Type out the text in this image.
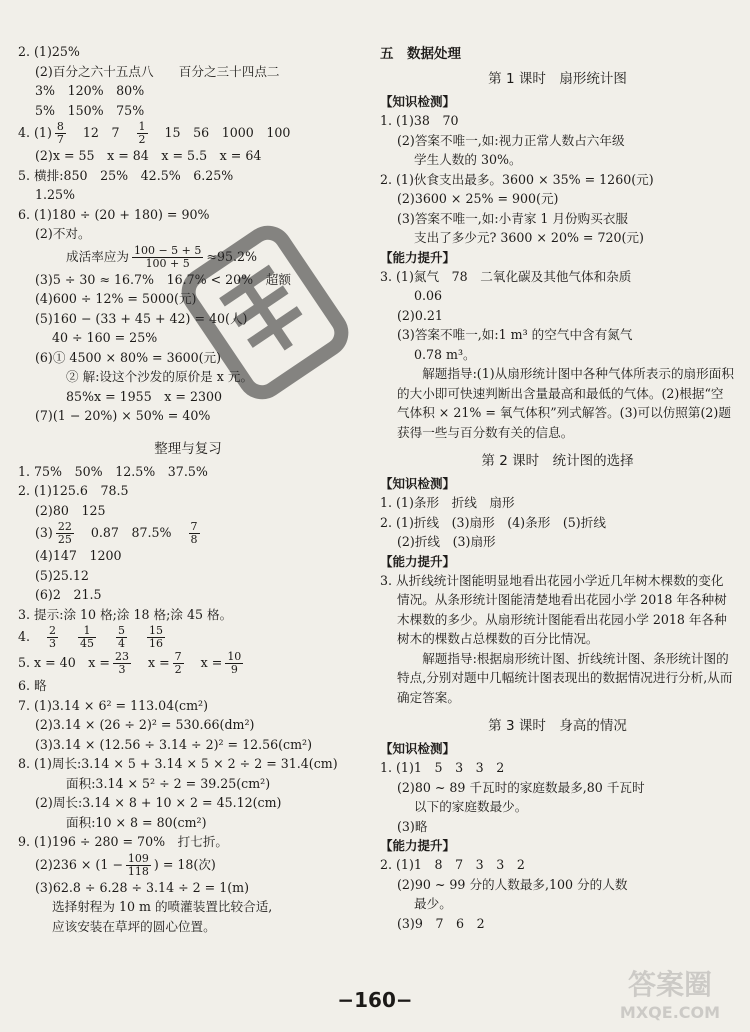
2. (1)25%
(2)百分之六十五点八　　百分之三十四点二
3%　120%　80%
5%　150%　75%
4. $(1) \frac{8}{7} 12$　$7 \frac{1}{2} 15$　56　1000　100
(2)x = 55　x = 84　x = 5.5　x = 64
5. 横排:850　25%　42.5%　6.25%
1.25%
6. (1)180 ÷ (20 + 180) = 90%
(2)不对。
成活率应为 $\frac{100 - 5 + 5}{100 + 5} \approx 95.2\%$
(3)5 ÷ 30 ≈ 16.7%　16.7% < 20%　超额
(4)600 ÷ 12% = 5000(元)
(5)160 − (33 + 45 + 42) = 40(人)
40 ÷ 160 = 25%
(6)① 4500 × 80% = 3600(元)
② 解:设这个沙发的原价是 x 元。
85%x = 1955　x = 2300
(7)(1 − 20%) × 50% = 40%
整理与复习
1. 75%　50%　12.5%　37.5%
2. (1)125.6　78.5
(2)80　125
$(3) \frac{22}{25} 0.87$　$87.5\% \frac{7}{8}$
(4)147　1200
(5)25.12
(6)2　21.5
3. 提示:涂 10 格;涂 18 格;涂 45 格。
4. $\frac{2}{3} \frac{1}{45} \frac{5}{4} \frac{15}{16}$
5. x = 40　$x = \frac{23}{3}$ $x = \frac{7}{2}$ $x = \frac{10}{9}$
6. 略
7. (1)3.14 × 6² = 113.04(cm²)
(2)3.14 × (26 ÷ 2)² = 530.66(dm²)
(3)3.14 × (12.56 ÷ 3.14 ÷ 2)² = 12.56(cm²)
8. (1)周长:3.14 × 5 + 3.14 × 5 × 2 ÷ 2 = 31.4(cm)
面积:3.14 × 5² ÷ 2 = 39.25(cm²)
(2)周长:3.14 × 8 + 10 × 2 = 45.12(cm)
面积:10 × 8 = 80(cm²)
9. (1)196 ÷ 280 = 70%　打七折。
$(2)236 \times (1 - \frac{109}{118}$ ) = 18(次)
(3)62.8 ÷ 6.28 ÷ 3.14 ÷ 2 = 1(m)
选择射程为 10 m 的喷灌装置比较合适,
应该安装在草坪的圆心位置。
五　数据处理
第 1 课时　扇形统计图
【知识检测】
1. (1)38　70
(2)答案不唯一,如:视力正常人数占六年级
学生人数的 30%。
2. (1)伙食支出最多。3600 × 35% = 1260(元)
(2)3600 × 25% = 900(元)
(3)答案不唯一,如:小青家 1 月份购买衣服
支出了多少元? 3600 × 20% = 720(元)
【能力提升】
3. (1)氮气　78　二氧化碳及其他气体和杂质
0.06
(2)0.21
(3)答案不唯一,如:1 m³ 的空气中含有氮气
0.78 m³。
解题指导:(1)从扇形统计图中各种气体所表示的扇形面积的大小即可快速判断出含量最高和最低的气体。(2)根据“空气体积 × 21% = 氧气体积”列式解答。(3)可以仿照第(2)题获得一些与百分数有关的信息。
第 2 课时　统计图的选择
【知识检测】
1. (1)条形　折线　扇形
2. (1)折线　(3)扇形　(4)条形　(5)折线
(2)折线　(3)扇形
【能力提升】
3. 从折线统计图能明显地看出花园小学近几年树木棵数的变化情况。从条形统计图能清楚地看出花园小学 2018 年各种树木棵数的多少。从扇形统计图能看出花园小学 2018 年各种树木的棵数占总棵数的百分比情况。
解题指导:根据扇形统计图、折线统计图、条形统计图的特点,分别对题中几幅统计图表现出的数据情况进行分析,从而确定答案。
第 3 课时　身高的情况
【知识检测】
1. (1)1　5　3　3　2
(2)80 ~ 89 千瓦时的家庭数最多,80 千瓦时
以下的家庭数最少。
(3)略
【能力提升】
2. (1)1　8　7　3　3　2
(2)90 ~ 99 分的人数最多,100 分的人数
最少。
(3)9　7　6　2
答案圈
MXQE.COM
−160−
